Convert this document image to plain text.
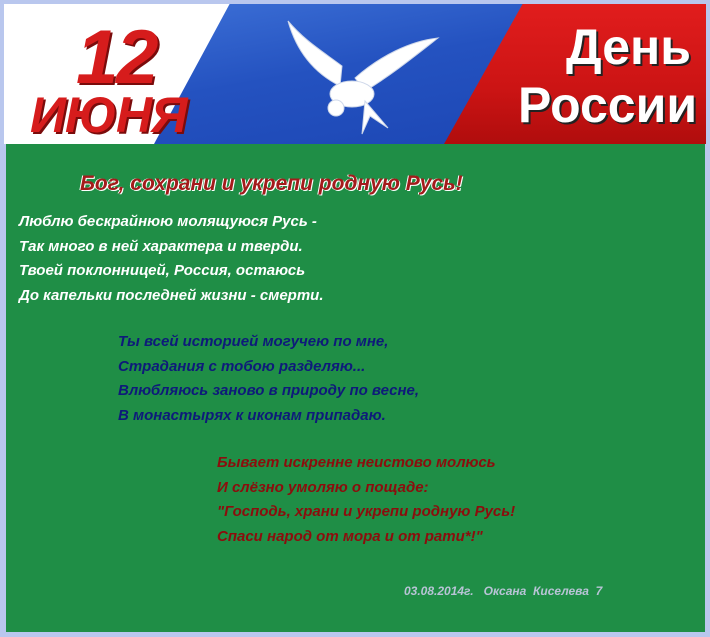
12
ИЮНЯ
День
России
Бог, сохрани и укрепи родную Русь!
Люблю бескрайнюю молящуюся Русь -
Так много в ней характера и тверди.
Твоей поклонницей, Россия, остаюсь
До капельки последней жизни - смерти.
Ты всей историей могучею по мне,
Страдания с тобою разделяю...
Влюбляюсь заново в природу по весне,
В монастырях к иконам припадаю.
Бывает искренне неистово молюсь
И слёзно умоляю о пощаде:
"Господь, храни и укрепи родную Русь!
Спаси народ от мора и от рати*!"
03.08.2014г.   Оксана  Киселева  7
